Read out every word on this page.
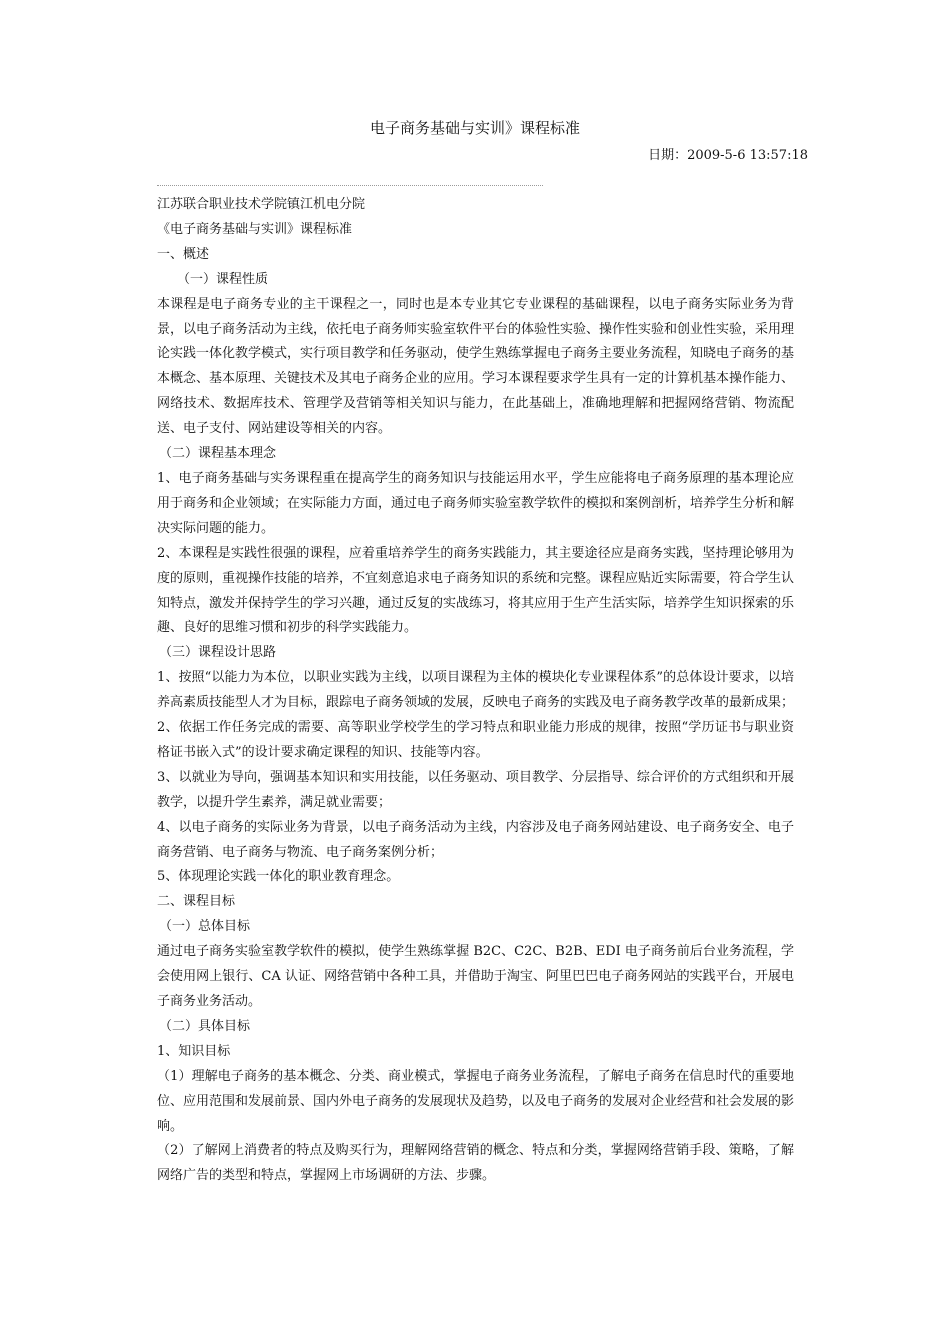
电子商务基础与实训》课程标准
日期：2009-5-6 13:57:18

江苏联合职业技术学院镇江机电分院

《电子商务基础与实训》课程标准

一、概述

（一）课程性质

本课程是电子商务专业的主干课程之一，同时也是本专业其它专业课程的基础课程，以电子商务实际业务为背景，以电子商务活动为主线，依托电子商务师实验室软件平台的体验性实验、操作性实验和创业性实验，采用理论实践一体化教学模式，实行项目教学和任务驱动，使学生熟练掌握电子商务主要业务流程，知晓电子商务的基本概念、基本原理、关键技术及其电子商务企业的应用。学习本课程要求学生具有一定的计算机基本操作能力、网络技术、数据库技术、管理学及营销等相关知识与能力，在此基础上，准确地理解和把握网络营销、物流配送、电子支付、网站建设等相关的内容。

（二）课程基本理念

1、电子商务基础与实务课程重在提高学生的商务知识与技能运用水平，学生应能将电子商务原理的基本理论应用于商务和企业领域；在实际能力方面，通过电子商务师实验室教学软件的模拟和案例剖析，培养学生分析和解决实际问题的能力。

2、本课程是实践性很强的课程，应着重培养学生的商务实践能力，其主要途径应是商务实践，坚持理论够用为度的原则，重视操作技能的培养，不宜刻意追求电子商务知识的系统和完整。课程应贴近实际需要，符合学生认知特点，激发并保持学生的学习兴趣，通过反复的实战练习，将其应用于生产生活实际，培养学生知识探索的乐趣、良好的思维习惯和初步的科学实践能力。

（三）课程设计思路

1、按照“以能力为本位，以职业实践为主线，以项目课程为主体的模块化专业课程体系”的总体设计要求，以培养高素质技能型人才为目标，跟踪电子商务领域的发展，反映电子商务的实践及电子商务教学改革的最新成果；

2、依据工作任务完成的需要、高等职业学校学生的学习特点和职业能力形成的规律，按照“学历证书与职业资格证书嵌入式”的设计要求确定课程的知识、技能等内容。

3、以就业为导向，强调基本知识和实用技能，以任务驱动、项目教学、分层指导、综合评价的方式组织和开展教学，以提升学生素养，满足就业需要；

4、以电子商务的实际业务为背景，以电子商务活动为主线，内容涉及电子商务网站建设、电子商务安全、电子商务营销、电子商务与物流、电子商务案例分析；

5、体现理论实践一体化的职业教育理念。

二、课程目标

（一）总体目标

通过电子商务实验室教学软件的模拟，使学生熟练掌握 B2C、C2C、B2B、EDI 电子商务前后台业务流程，学会使用网上银行、CA 认证、网络营销中各种工具，并借助于淘宝、阿里巴巴电子商务网站的实践平台，开展电子商务业务活动。

（二）具体目标

1、知识目标

（1）理解电子商务的基本概念、分类、商业模式，掌握电子商务业务流程，了解电子商务在信息时代的重要地位、应用范围和发展前景、国内外电子商务的发展现状及趋势，以及电子商务的发展对企业经营和社会发展的影响。

（2）了解网上消费者的特点及购买行为，理解网络营销的概念、特点和分类，掌握网络营销手段、策略，了解网络广告的类型和特点，掌握网上市场调研的方法、步骤。
